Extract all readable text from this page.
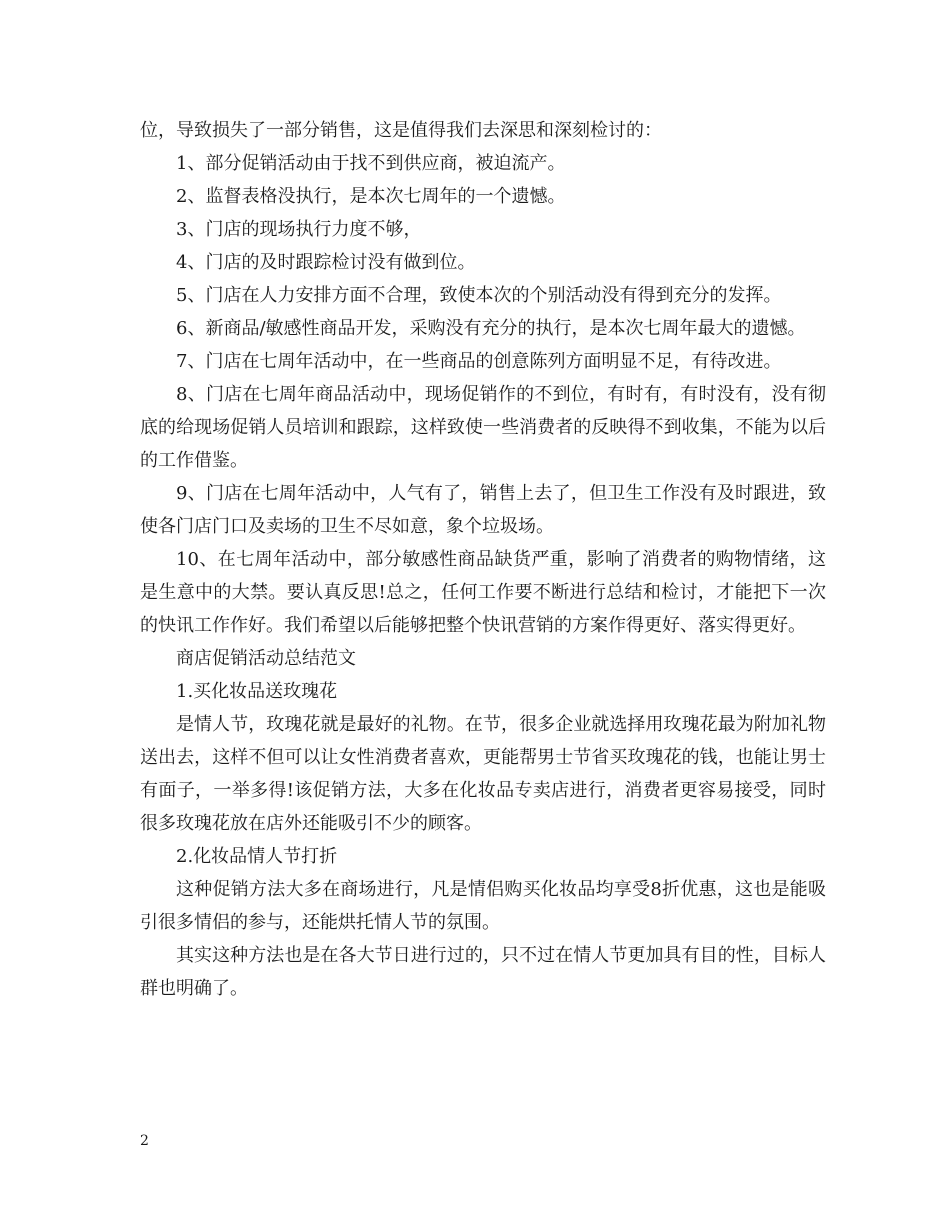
位，导致损失了一部分销售，这是值得我们去深思和深刻检讨的：

1、部分促销活动由于找不到供应商，被迫流产。

2、监督表格没执行，是本次七周年的一个遗憾。

3、门店的现场执行力度不够，

4、门店的及时跟踪检讨没有做到位。

5、门店在人力安排方面不合理，致使本次的个别活动没有得到充分的发挥。

6、新商品/敏感性商品开发，采购没有充分的执行，是本次七周年最大的遗憾。

7、门店在七周年活动中，在一些商品的创意陈列方面明显不足，有待改进。

8、门店在七周年商品活动中，现场促销作的不到位，有时有，有时没有，没有彻底的给现场促销人员培训和跟踪，这样致使一些消费者的反映得不到收集，不能为以后的工作借鉴。

9、门店在七周年活动中，人气有了，销售上去了，但卫生工作没有及时跟进，致使各门店门口及卖场的卫生不尽如意，象个垃圾场。

10、在七周年活动中，部分敏感性商品缺货严重，影响了消费者的购物情绪，这是生意中的大禁。要认真反思!总之，任何工作要不断进行总结和检讨，才能把下一次的快讯工作作好。我们希望以后能够把整个快讯营销的方案作得更好、落实得更好。

商店促销活动总结范文

1.买化妆品送玫瑰花

是情人节，玫瑰花就是最好的礼物。在节，很多企业就选择用玫瑰花最为附加礼物送出去，这样不但可以让女性消费者喜欢，更能帮男士节省买玫瑰花的钱，也能让男士有面子，一举多得!该促销方法，大多在化妆品专卖店进行，消费者更容易接受，同时很多玫瑰花放在店外还能吸引不少的顾客。

2.化妆品情人节打折

这种促销方法大多在商场进行，凡是情侣购买化妆品均享受8折优惠，这也是能吸引很多情侣的参与，还能烘托情人节的氛围。

其实这种方法也是在各大节日进行过的，只不过在情人节更加具有目的性，目标人群也明确了。

2
